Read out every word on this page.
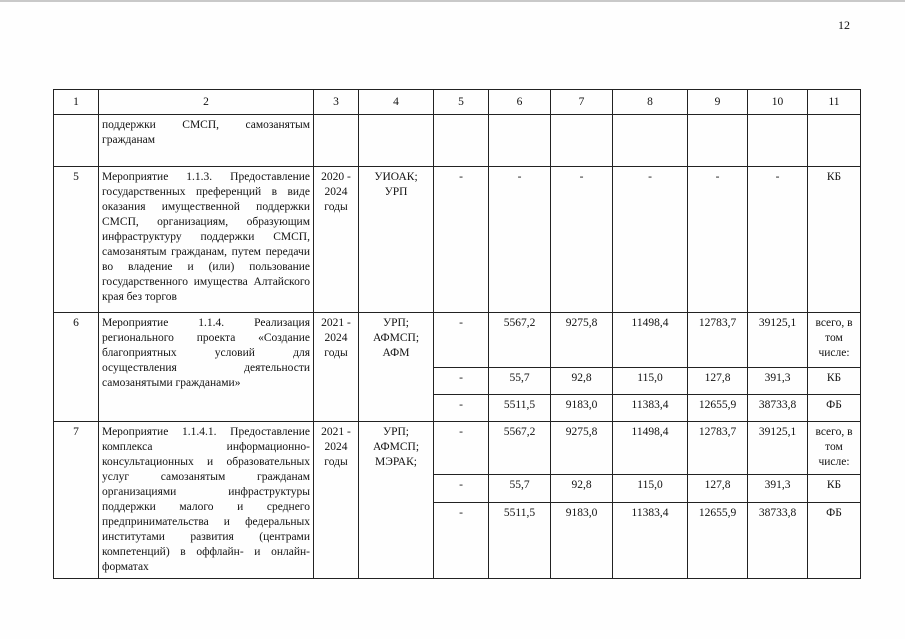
12
1	2	3	4	5	6	7	8	9	10	11
	поддержки СМСП, самозанятым гражданам									
5	Мероприятие 1.1.3. Предоставление государственных преференций в виде оказания имущественной поддержки СМСП, организациям, образующим инфраструктуру поддержки СМСП, самозанятым гражданам, путем передачи во владение и (или) пользование государственного имущества Алтайского края без торгов	2020 - 2024 годы	УИОАК; УРП	-	-	-	-	-	-	КБ
6	Мероприятие 1.1.4. Реализация регионального проекта «Создание благоприятных условий для осуществления деятельности самозанятыми гражданами»	2021 - 2024 годы	УРП; АФМСП; АФМ	-	5567,2	9275,8	11498,4	12783,7	39125,1	всего, в том числе:
				-	55,7	92,8	115,0	127,8	391,3	КБ
				-	5511,5	9183,0	11383,4	12655,9	38733,8	ФБ
7	Мероприятие 1.1.4.1. Предоставление комплекса информационно-консультационных и образовательных услуг самозанятым гражданам организациями инфраструктуры поддержки малого и среднего предпринимательства и федеральных институтами развития (центрами компетенций) в оффлайн- и онлайн-форматах	2021 - 2024 годы	УРП; АФМСП; МЭРАК;	-	5567,2	9275,8	11498,4	12783,7	39125,1	всего, в том числе:
				-	55,7	92,8	115,0	127,8	391,3	КБ
				-	5511,5	9183,0	11383,4	12655,9	38733,8	ФБ
